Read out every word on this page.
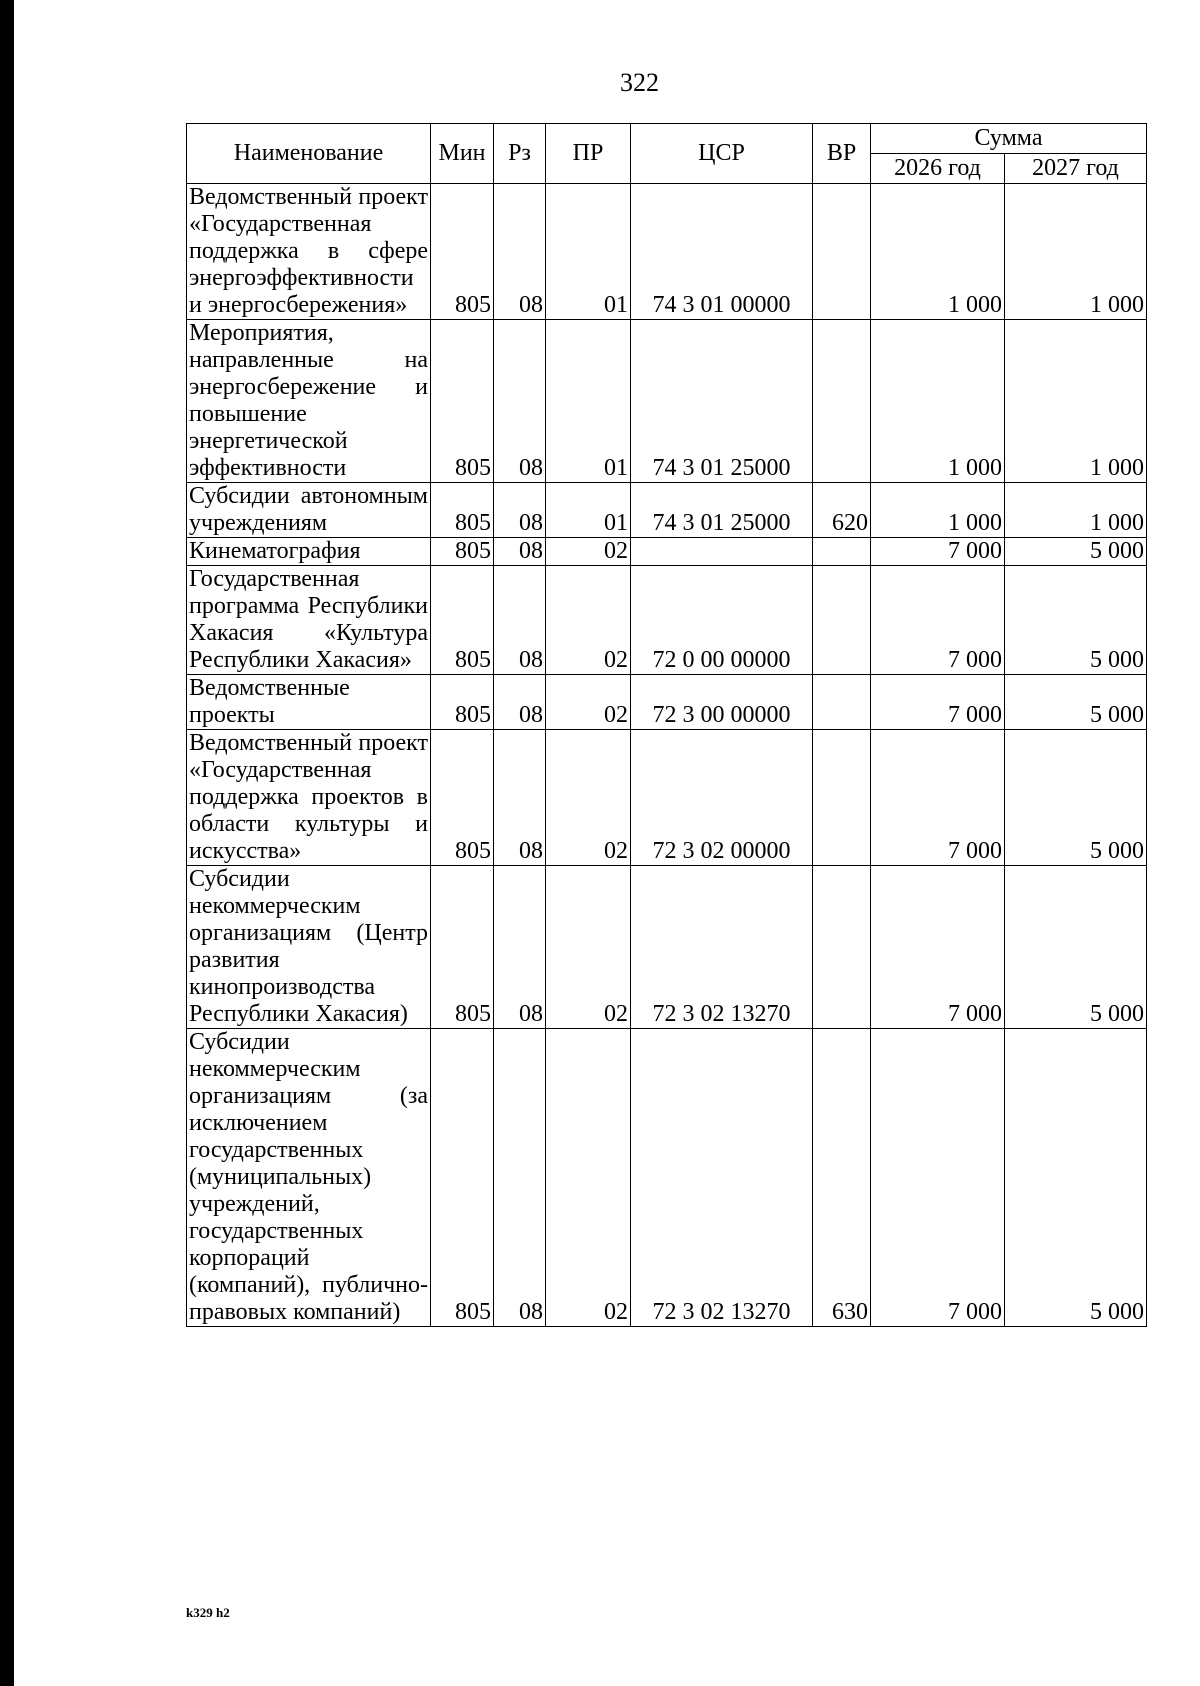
322
Наименование	Мин	Рз	ПР	ЦСР	ВР	Сумма	
						2026 год	2027 год
Ведомственный проект «Государственная поддержка в сфере энергоэффективности и энергосбережения»	805	08	01	74 3 01 00000		1 000	1 000
Мероприятия, направленные на энергосбережение и повышение энергетической эффективности	805	08	01	74 3 01 25000		1 000	1 000
Субсидии автономным учреждениям	805	08	01	74 3 01 25000	620	1 000	1 000
Кинематография	805	08	02			7 000	5 000
Государственная программа Республики Хакасия «Культура Республики Хакасия»	805	08	02	72 0 00 00000		7 000	5 000
Ведомственные проекты	805	08	02	72 3 00 00000		7 000	5 000
Ведомственный проект «Государственная поддержка проектов в области культуры и искусства»	805	08	02	72 3 02 00000		7 000	5 000
Субсидии некоммерческим организациям (Центр развития кинопроизводства Республики Хакасия)	805	08	02	72 3 02 13270		7 000	5 000
Субсидии некоммерческим организациям (за исключением государственных (муниципальных) учреждений, государственных корпораций (компаний), публично-правовых компаний)	805	08	02	72 3 02 13270	630	7 000	5 000
k329 h2
